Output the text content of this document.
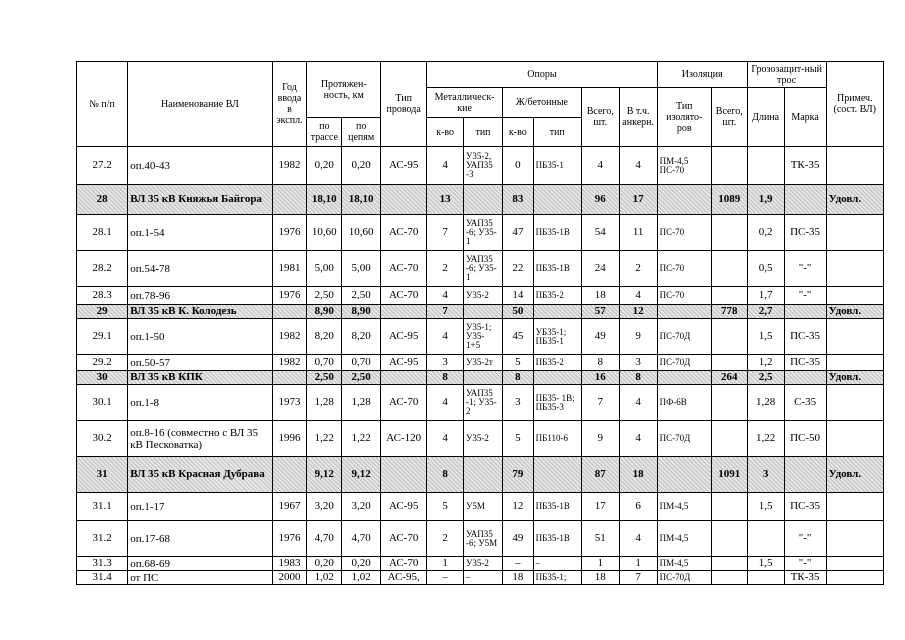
№ п/п	Наименование ВЛ	Год ввода в экспл.	Протяжен-ность, км		Тип провода	Опоры						Изоляция		Грозозащит-ный трос		Примеч. (сост. ВЛ)
						Металлическ-кие		Ж/бетонные		Всего, шт.	В т.ч. анкерн.	Тип изолято-ров	Всего, шт.	Длина	Марка	
			по трассе	по цепям		к-во	тип	к-во	тип							
27.2	оп.40-43	1982	0,20	0,20	АС-95	4	У35-2, УАП35 -3	0	ПБ35-1	4	4	ПМ-4,5 ПС-70			ТК-35	
28	ВЛ 35 кВ Княжья Байгора		18,10	18,10		13		83		96	17		1089	1,9		Удовл.
28.1	оп.1-54	1976	10,60	10,60	АС-70	7	УАП35 -6; У35-1	47	ПБ35-1В	54	11	ПС-70		0,2	ПС-35	
28.2	оп.54-78	1981	5,00	5,00	АС-70	2	УАП35 -6; У35-1	22	ПБ35-1В	24	2	ПС-70		0,5	"-"	
28.3	оп.78-96	1976	2,50	2,50	АС-70	4	У35-2	14	ПБ35-2	18	4	ПС-70		1,7	"-"	
29	ВЛ 35 кВ К. Колодезь		8,90	8,90		7		50		57	12		778	2,7		Удовл.
29.1	оп.1-50	1982	8,20	8,20	АС-95	4	У35-1; У35- 1+5	45	УБ35-1; ПБ35-1	49	9	ПС-70Д		1,5	ПС-35	
29.2	оп.50-57	1982	0,70	0,70	АС-95	3	У35-2т	5	ПБ35-2	8	3	ПС-70Д		1,2	ПС-35	
30	ВЛ 35 кВ КПК		2,50	2,50		8		8		16	8		264	2,5		Удовл.
30.1	оп.1-8	1973	1,28	1,28	АС-70	4	УАП35 -1; У35-2	3	ПБ35- 1В; ПБ35-3	7	4	ПФ-6В		1,28	С-35	
30.2	оп.8-16 (совместно с ВЛ 35 кВ Песковатка)	1996	1,22	1,22	АС-120	4	У35-2	5	ПБ110-6	9	4	ПС-70Д		1,22	ПС-50	
31	ВЛ 35 кВ Красная Дубрава		9,12	9,12		8		79		87	18		1091	3		Удовл.
31.1	оп.1-17	1967	3,20	3,20	АС-95	5	У5М	12	ПБ35-1В	17	6	ПМ-4,5		1,5	ПС-35	
31.2	оп.17-68	1976	4,70	4,70	АС-70	2	УАП35 -6; У5М	49	ПБ35-1В	51	4	ПМ-4,5			"-"	
31.3	оп.68-69	1983	0,20	0,20	АС-70	1	У35-2	–	–	1	1	ПМ-4,5		1,5	"-"	
31.4	от ПС	2000	1,02	1,02	АС-95,	–	–	18	ПБ35-1;	18	7	ПС-70Д			ТК-35	
